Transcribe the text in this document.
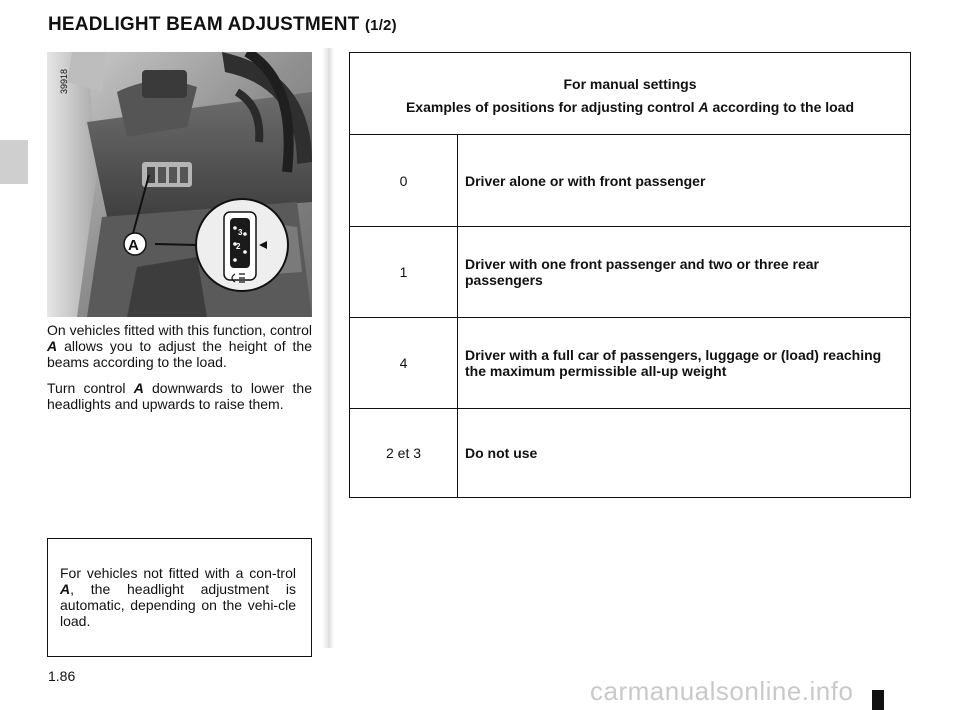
HEADLIGHT BEAM ADJUSTMENT (1/2)
3
2
A
39918
On vehicles fitted with this function, control A allows you to adjust the height of the beams according to the load.
Turn control A downwards to lower the headlights and upwards to raise them.
For vehicles not fitted with a con-trol A, the headlight adjustment is automatic, depending on the vehi-cle load.
For manual settings
Examples of positions for adjusting control A according to the load
0	Driver alone or with front passenger
1	Driver with one front passenger and two or three rear passengers
4	Driver with a full car of passengers, luggage or (load) reaching the maximum permissible all-up weight
2 et 3	Do not use
1.86	carmanualsonline.info
